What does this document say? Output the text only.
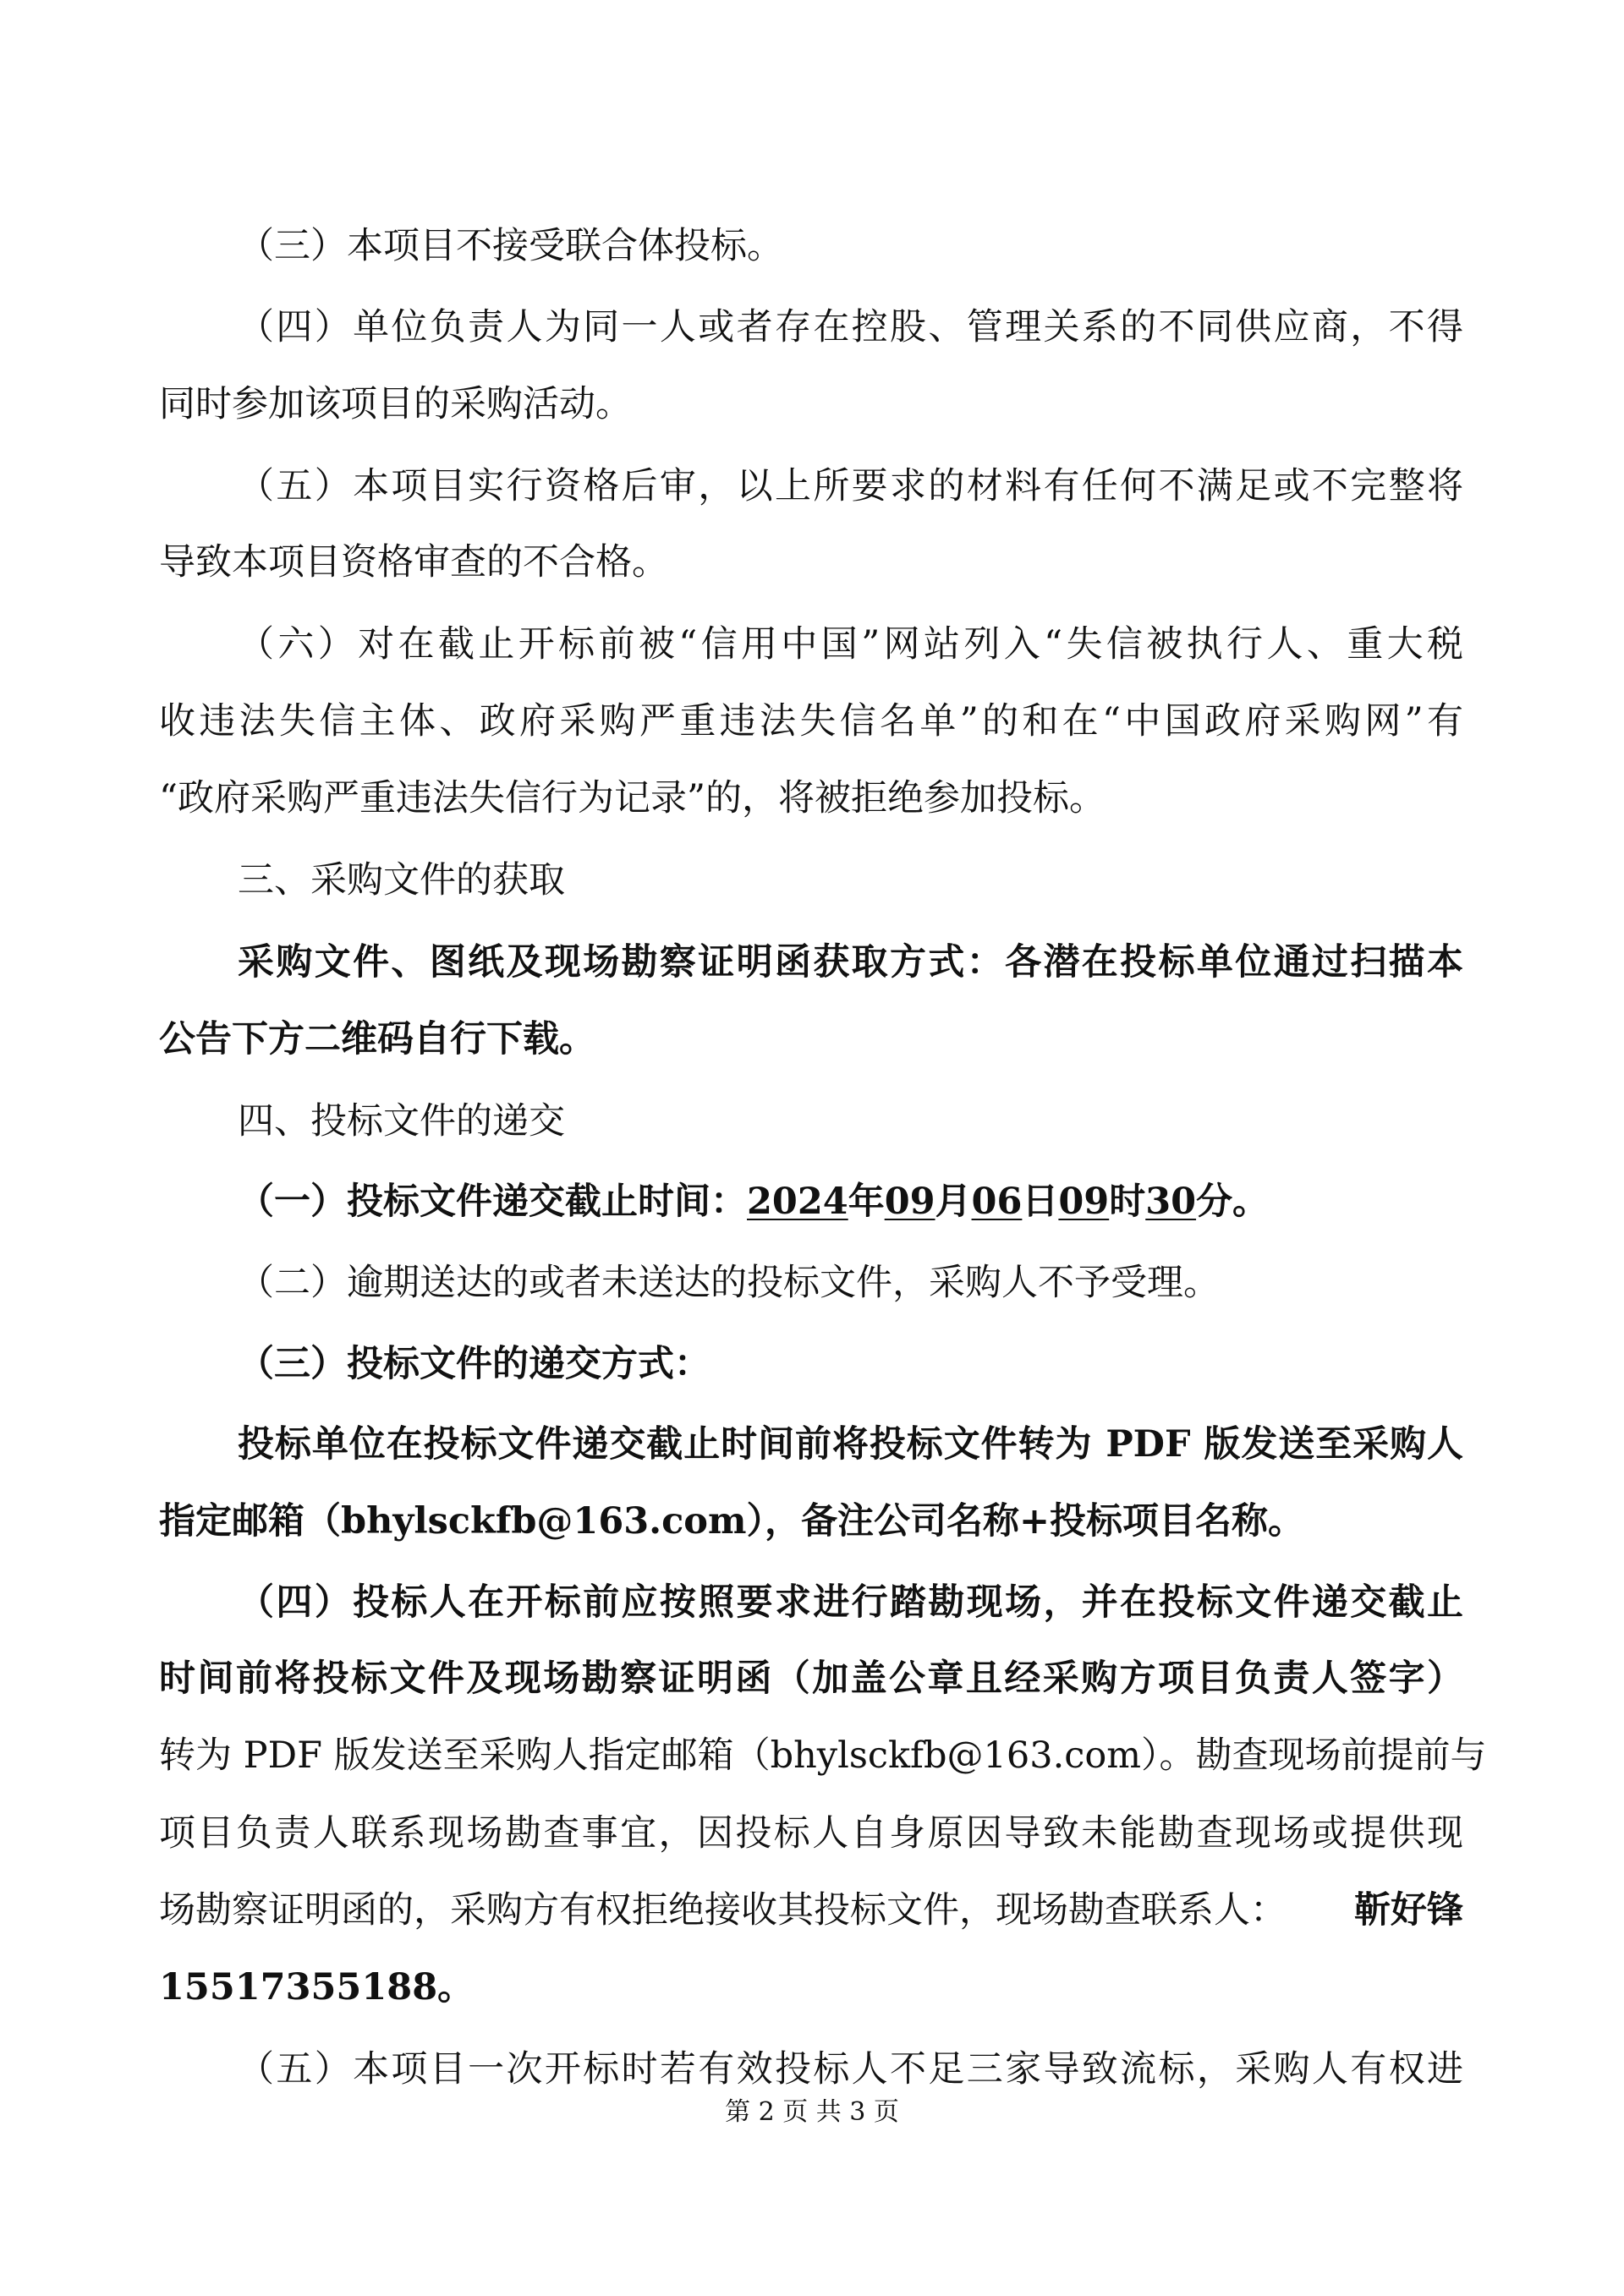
（三）本项目不接受联合体投标。
（四）单位负责人为同一人或者存在控股、管理关系的不同供应商，不得
同时参加该项目的采购活动。
（五）本项目实行资格后审，以上所要求的材料有任何不满足或不完整将
导致本项目资格审查的不合格。
（六）对在截止开标前被“信用中国”网站列入“失信被执行人、重大税
收违法失信主体、政府采购严重违法失信名单”的和在“中国政府采购网”有
“政府采购严重违法失信行为记录”的，将被拒绝参加投标。
三、采购文件的获取
采购文件、图纸及现场勘察证明函获取方式：各潜在投标单位通过扫描本
公告下方二维码自行下载。
四、投标文件的递交
（一）投标文件递交截止时间：2024年09月06日09时30分。
（二）逾期送达的或者未送达的投标文件，采购人不予受理。
（三）投标文件的递交方式：
投标单位在投标文件递交截止时间前将投标文件转为 PDF 版发送至采购人
指定邮箱（bhylsckfb@163.com），备注公司名称+投标项目名称。
（四）投标人在开标前应按照要求进行踏勘现场，并在投标文件递交截止
时间前将投标文件及现场勘察证明函（加盖公章且经采购方项目负责人签字）
转为 PDF 版发送至采购人指定邮箱（bhylsckfb@163.com）。勘查现场前提前与
项目负责人联系现场勘查事宜，因投标人自身原因导致未能勘查现场或提供现
场勘察证明函的，采购方有权拒绝接收其投标文件，现场勘查联系人： 靳好锋
15517355188。
（五）本项目一次开标时若有效投标人不足三家导致流标，采购人有权进
第 2 页 共 3 页
